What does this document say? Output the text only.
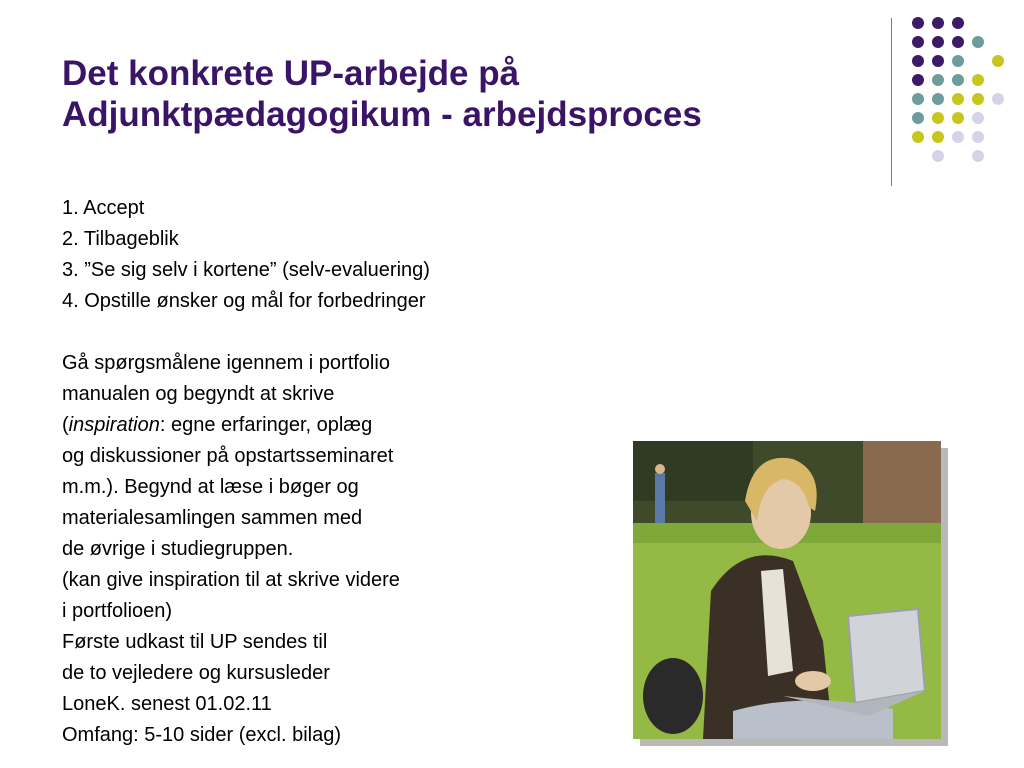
Det konkrete UP-arbejde på
Adjunktpædagogikum - arbejdsproces
1. Accept
2. Tilbageblik
3. ”Se sig selv i kortene” (selv-evaluering)
4. Opstille ønsker og mål for forbedringer
Gå spørgsmålene igennem i portfolio
manualen og begyndt at skrive
(inspiration: egne erfaringer, oplæg
og diskussioner på opstartsseminaret
m.m.). Begynd at læse i bøger og
materialesamlingen sammen med
de øvrige i studiegruppen.
(kan give inspiration til at skrive videre
i portfolioen)
Første udkast til UP sendes til
de to vejledere og kursusleder
LoneK. senest 01.02.11
Omfang: 5-10 sider (excl. bilag)
